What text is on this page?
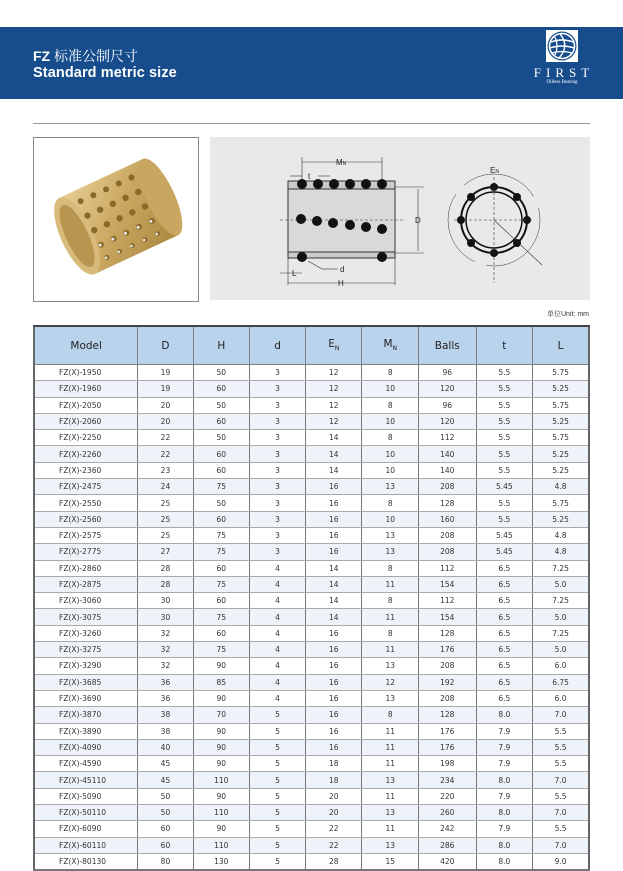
FZ 标准公制尺寸
Standard metric size	FIRST
Oilless Bearing
MN
t
D
d
L
H
EN
单位Unit: mm
Model	D	H	d	$E_N$	$M_N$	Balls	t	L
FZ(X)-1950	19	50	3	12	8	96	5.5	5.75
FZ(X)-1960	19	60	3	12	10	120	5.5	5.25
FZ(X)-2050	20	50	3	12	8	96	5.5	5.75
FZ(X)-2060	20	60	3	12	10	120	5.5	5.25
FZ(X)-2250	22	50	3	14	8	112	5.5	5.75
FZ(X)-2260	22	60	3	14	10	140	5.5	5.25
FZ(X)-2360	23	60	3	14	10	140	5.5	5.25
FZ(X)-2475	24	75	3	16	13	208	5.45	4.8
FZ(X)-2550	25	50	3	16	8	128	5.5	5.75
FZ(X)-2560	25	60	3	16	10	160	5.5	5.25
FZ(X)-2575	25	75	3	16	13	208	5.45	4.8
FZ(X)-2775	27	75	3	16	13	208	5.45	4.8
FZ(X)-2860	28	60	4	14	8	112	6.5	7.25
FZ(X)-2875	28	75	4	14	11	154	6.5	5.0
FZ(X)-3060	30	60	4	14	8	112	6.5	7.25
FZ(X)-3075	30	75	4	14	11	154	6.5	5.0
FZ(X)-3260	32	60	4	16	8	128	6.5	7.25
FZ(X)-3275	32	75	4	16	11	176	6.5	5.0
FZ(X)-3290	32	90	4	16	13	208	6.5	6.0
FZ(X)-3685	36	85	4	16	12	192	6.5	6.75
FZ(X)-3690	36	90	4	16	13	208	6.5	6.0
FZ(X)-3870	38	70	5	16	8	128	8.0	7.0
FZ(X)-3890	38	90	5	16	11	176	7.9	5.5
FZ(X)-4090	40	90	5	16	11	176	7.9	5.5
FZ(X)-4590	45	90	5	18	11	198	7.9	5.5
FZ(X)-45110	45	110	5	18	13	234	8.0	7.0
FZ(X)-5090	50	90	5	20	11	220	7.9	5.5
FZ(X)-50110	50	110	5	20	13	260	8.0	7.0
FZ(X)-6090	60	90	5	22	11	242	7.9	5.5
FZ(X)-60110	60	110	5	22	13	286	8.0	7.0
FZ(X)-80130	80	130	5	28	15	420	8.0	9.0
